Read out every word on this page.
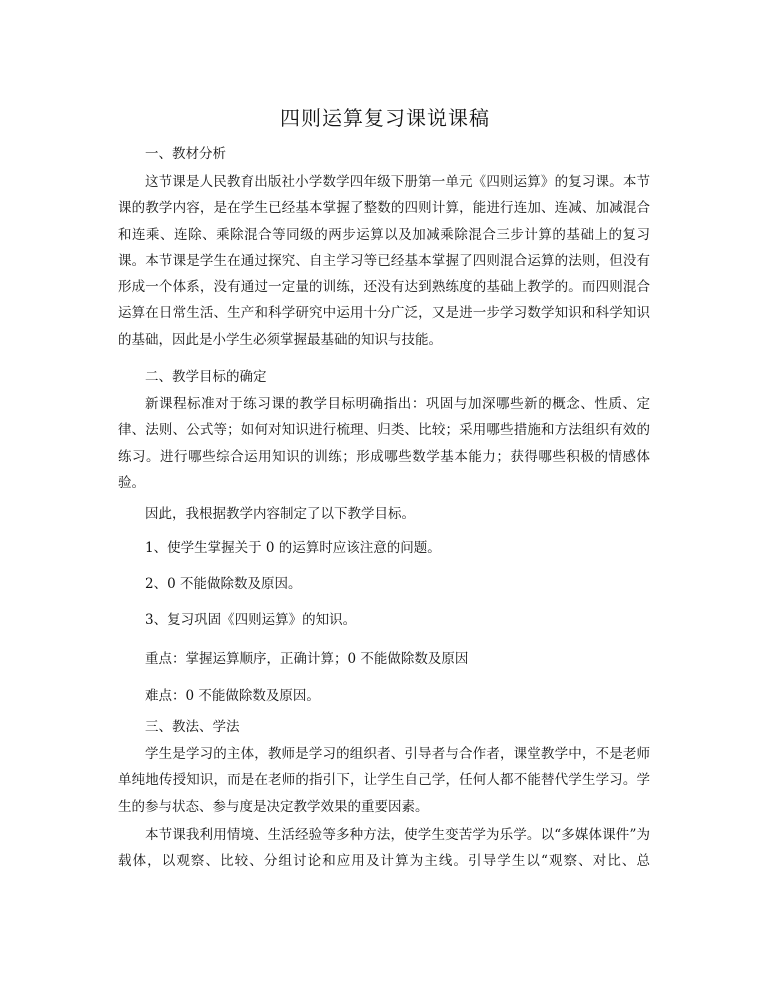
四则运算复习课说课稿

一、教材分析

这节课是人民教育出版社小学数学四年级下册第一单元《四则运算》的复习课。本节课的教学内容，是在学生已经基本掌握了整数的四则计算，能进行连加、连减、加减混合和连乘、连除、乘除混合等同级的两步运算以及加减乘除混合三步计算的基础上的复习课。本节课是学生在通过探究、自主学习等已经基本掌握了四则混合运算的法则，但没有形成一个体系，没有通过一定量的训练，还没有达到熟练度的基础上教学的。而四则混合运算在日常生活、生产和科学研究中运用十分广泛，又是进一步学习数学知识和科学知识的基础，因此是小学生必须掌握最基础的知识与技能。

二、教学目标的确定

新课程标准对于练习课的教学目标明确指出：巩固与加深哪些新的概念、性质、定律、法则、公式等；如何对知识进行梳理、归类、比较；采用哪些措施和方法组织有效的练习。进行哪些综合运用知识的训练；形成哪些数学基本能力；获得哪些积极的情感体验。

因此，我根据教学内容制定了以下教学目标。

1、使学生掌握关于 0 的运算时应该注意的问题。

2、0 不能做除数及原因。

3、复习巩固《四则运算》的知识。

重点：掌握运算顺序，正确计算；0 不能做除数及原因

难点：0 不能做除数及原因。

三、教法、学法

学生是学习的主体，教师是学习的组织者、引导者与合作者，课堂教学中，不是老师单纯地传授知识，而是在老师的指引下，让学生自己学，任何人都不能替代学生学习。学生的参与状态、参与度是决定教学效果的重要因素。

本节课我利用情境、生活经验等多种方法，使学生变苦学为乐学。以“多媒体课件”为载体，以观察、比较、分组讨论和应用及计算为主线。引导学生以“观察、对比、总
